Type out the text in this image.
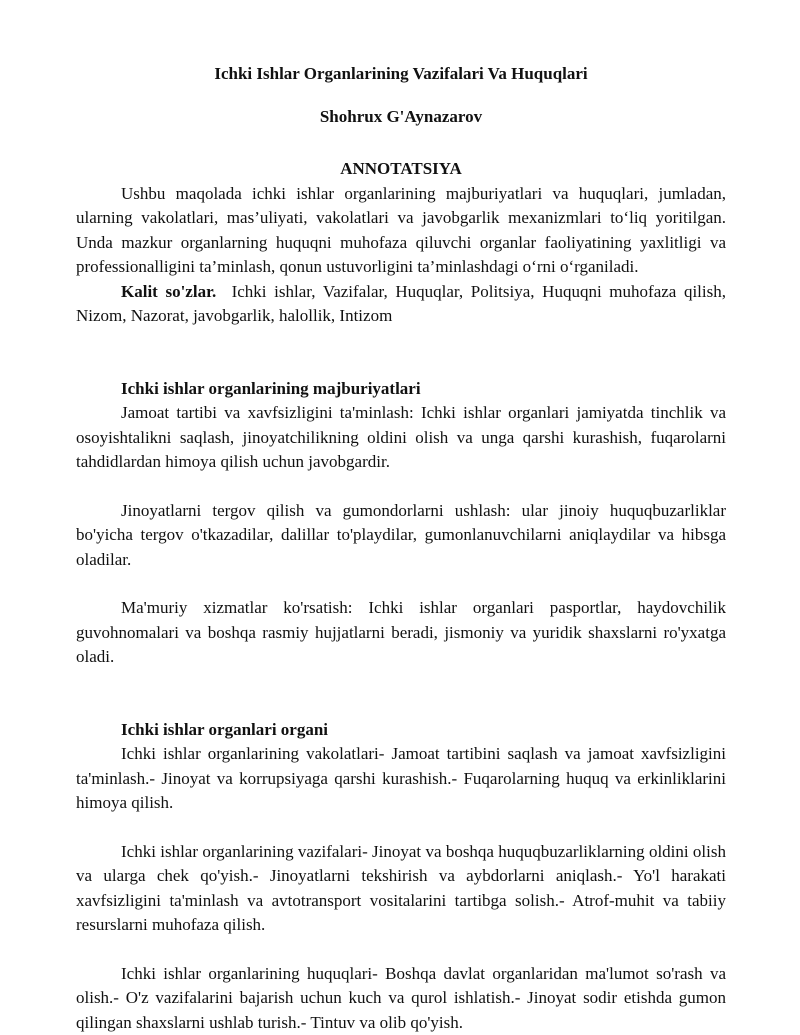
Ichki Ishlar Organlarining Vazifalari Va Huquqlari
Shohrux G'Aynazarov
ANNOTATSIYA

Ushbu maqolada ichki ishlar organlarining majburiyatlari va huquqlari, jumladan, ularning vakolatlari, mas’uliyati, vakolatlari va javobgarlik mexanizmlari to‘liq yoritilgan. Unda mazkur organlarning huquqni muhofaza qiluvchi organlar faoliyatining yaxlitligi va professionalligini ta’minlash, qonun ustuvorligini ta’minlashdagi o‘rni o‘rganiladi.

Kalit so'zlar. Ichki ishlar, Vazifalar, Huquqlar, Politsiya, Huquqni muhofaza qilish, Nizom, Nazorat, javobgarlik, halollik, Intizom

Ichki ishlar organlarining majburiyatlari

Jamoat tartibi va xavfsizligini ta'minlash: Ichki ishlar organlari jamiyatda tinchlik va osoyishtalikni saqlash, jinoyatchilikning oldini olish va unga qarshi kurashish, fuqarolarni tahdidlardan himoya qilish uchun javobgardir.

Jinoyatlarni tergov qilish va gumondorlarni ushlash: ular jinoiy huquqbuzarliklar bo'yicha tergov o'tkazadilar, dalillar to'playdilar, gumonlanuvchilarni aniqlaydilar va hibsga oladilar.

Ma'muriy xizmatlar ko'rsatish: Ichki ishlar organlari pasportlar, haydovchilik guvohnomalari va boshqa rasmiy hujjatlarni beradi, jismoniy va yuridik shaxslarni ro'yxatga oladi.

Ichki ishlar organlari organi

Ichki ishlar organlarining vakolatlari- Jamoat tartibini saqlash va jamoat xavfsizligini ta'minlash.- Jinoyat va korrupsiyaga qarshi kurashish.- Fuqarolarning huquq va erkinliklarini himoya qilish.

Ichki ishlar organlarining vazifalari- Jinoyat va boshqa huquqbuzarliklarning oldini olish va ularga chek qo'yish.- Jinoyatlarni tekshirish va aybdorlarni aniqlash.- Yo'l harakati xavfsizligini ta'minlash va avtotransport vositalarini tartibga solish.- Atrof-muhit va tabiiy resurslarni muhofaza qilish.

Ichki ishlar organlarining huquqlari- Boshqa davlat organlaridan ma'lumot so'rash va olish.- O'z vazifalarini bajarish uchun kuch va qurol ishlatish.- Jinoyat sodir etishda gumon qilingan shaxslarni ushlab turish.- Tintuv va olib qo'yish.
